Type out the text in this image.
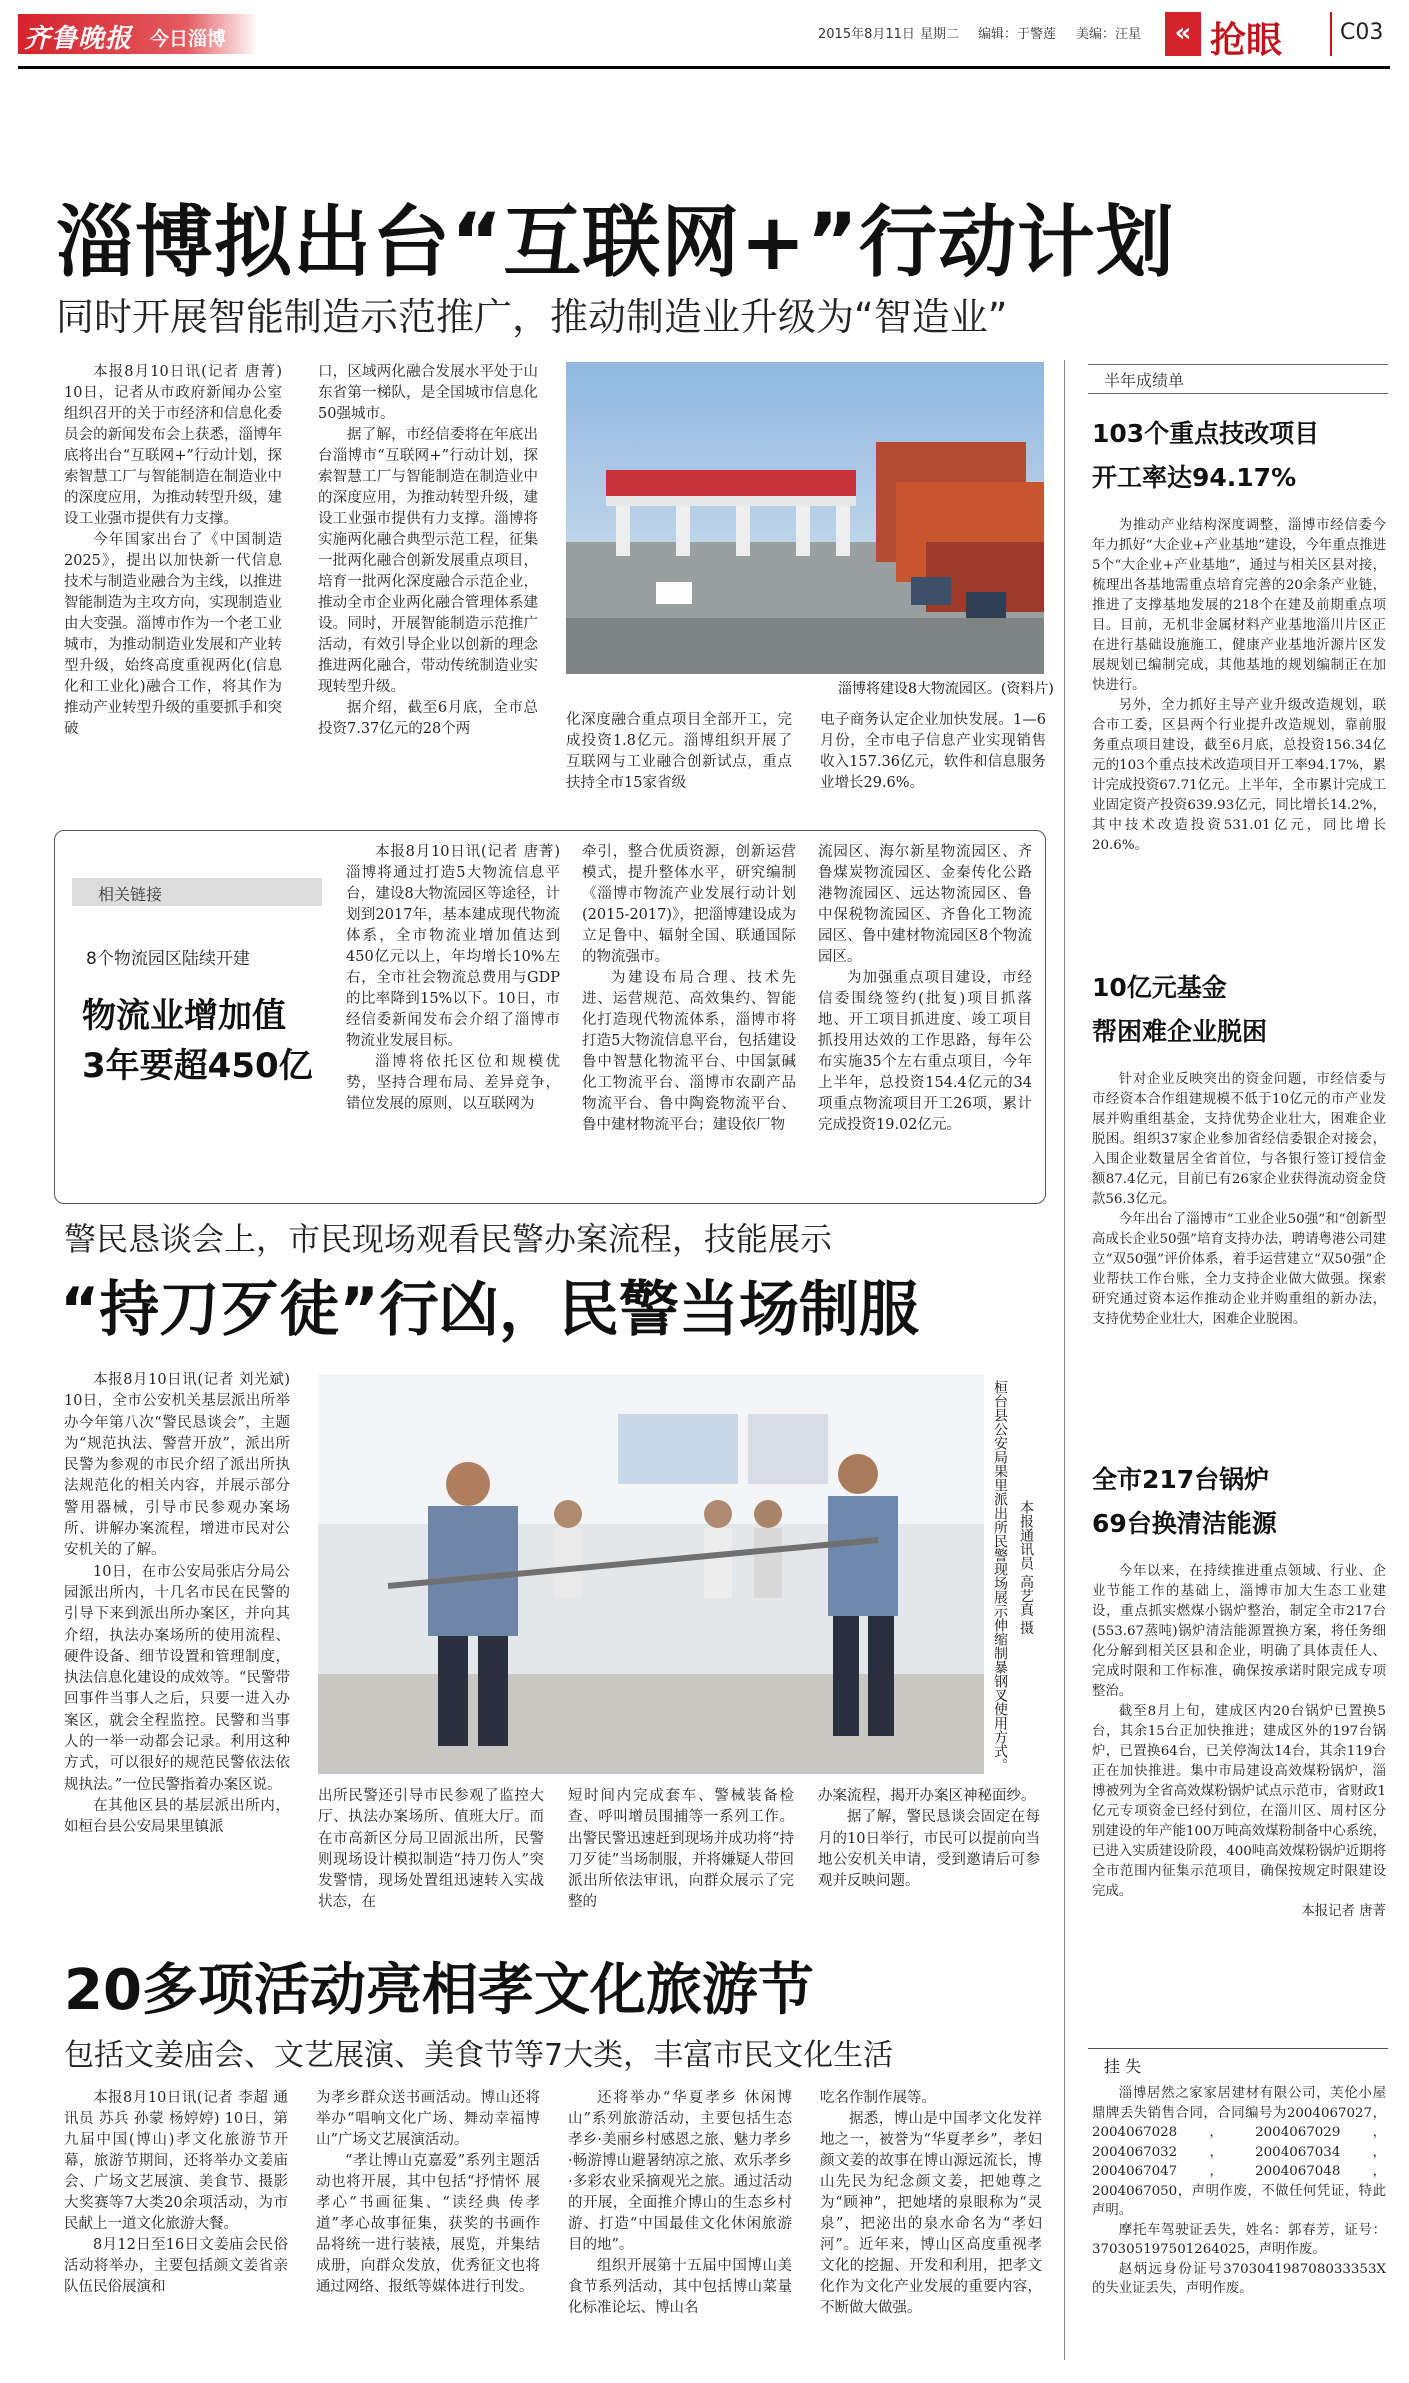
齐鲁晚报 今日淄博	2015年8月11日 星期二 编辑：于警莲 美编：汪星	« 抢眼	C03
淄博拟出台“互联网+”行动计划
同时开展智能制造示范推广，推动制造业升级为“智造业”

本报8月10日讯(记者 唐菁) 10日，记者从市政府新闻办公室组织召开的关于市经济和信息化委员会的新闻发布会上获悉，淄博年底将出台“互联网+”行动计划，探索智慧工厂与智能制造在制造业中的深度应用，为推动转型升级，建设工业强市提供有力支撑。

今年国家出台了《中国制造2025》，提出以加快新一代信息技术与制造业融合为主线，以推进智能制造为主攻方向，实现制造业由大变强。淄博市作为一个老工业城市，为推动制造业发展和产业转型升级，始终高度重视两化(信息化和工业化)融合工作，将其作为推动产业转型升级的重要抓手和突破

口，区域两化融合发展水平处于山东省第一梯队，是全国城市信息化50强城市。

据了解，市经信委将在年底出台淄博市“互联网+”行动计划，探索智慧工厂与智能制造在制造业中的深度应用，为推动转型升级，建设工业强市提供有力支撑。淄博将实施两化融合典型示范工程，征集一批两化融合创新发展重点项目，培育一批两化深度融合示范企业，推动全市企业两化融合管理体系建设。同时，开展智能制造示范推广活动，有效引导企业以创新的理念推进两化融合，带动传统制造业实现转型升级。

据介绍，截至6月底，全市总投资7.37亿元的28个两

淄博将建设8大物流园区。(资料片)

化深度融合重点项目全部开工，完成投资1.8亿元。淄博组织开展了互联网与工业融合创新试点，重点扶持全市15家省级

电子商务认定企业加快发展。1—6月份，全市电子信息产业实现销售收入157.36亿元，软件和信息服务业增长29.6%。

相关链接
8个物流园区陆续开建
物流业增加值
3年要超450亿

本报8月10日讯(记者 唐菁) 淄博将通过打造5大物流信息平台，建设8大物流园区等途径，计划到2017年，基本建成现代物流体系，全市物流业增加值达到450亿元以上，年均增长10%左右，全市社会物流总费用与GDP的比率降到15%以下。10日，市经信委新闻发布会介绍了淄博市物流业发展目标。

淄博将依托区位和规模优势，坚持合理布局、差异竞争，错位发展的原则，以互联网为

牵引，整合优质资源，创新运营模式，提升整体水平，研究编制《淄博市物流产业发展行动计划(2015-2017)》，把淄博建设成为立足鲁中、辐射全国、联通国际的物流强市。

为建设布局合理、技术先进、运营规范、高效集约、智能化打造现代物流体系，淄博市将打造5大物流信息平台，包括建设鲁中智慧化物流平台、中国氯碱化工物流平台、淄博市农副产品物流平台、鲁中陶瓷物流平台、鲁中建材物流平台；建设依厂物

流园区、海尔新星物流园区、齐鲁煤炭物流园区、金秦传化公路港物流园区、远达物流园区、鲁中保税物流园区、齐鲁化工物流园区、鲁中建材物流园区8个物流园区。

为加强重点项目建设，市经信委围绕签约(批复)项目抓落地、开工项目抓进度、竣工项目抓投用达效的工作思路，每年公布实施35个左右重点项目，今年上半年，总投资154.4亿元的34项重点物流项目开工26项，累计完成投资19.02亿元。

警民恳谈会上，市民现场观看民警办案流程，技能展示
“持刀歹徒”行凶，民警当场制服

本报8月10日讯(记者 刘光斌) 10日，全市公安机关基层派出所举办今年第八次“警民恳谈会”，主题为“规范执法、警营开放”，派出所民警为参观的市民介绍了派出所执法规范化的相关内容，并展示部分警用器械，引导市民参观办案场所、讲解办案流程，增进市民对公安机关的了解。

10日，在市公安局张店分局公园派出所内，十几名市民在民警的引导下来到派出所办案区，并向其介绍，执法办案场所的使用流程、硬件设备、细节设置和管理制度，执法信息化建设的成效等。“民警带回事件当事人之后，只要一进入办案区，就会全程监控。民警和当事人的一举一动都会记录。利用这种方式，可以很好的规范民警依法依规执法。”一位民警指着办案区说。

在其他区县的基层派出所内，如桓台县公安局果里镇派

桓台县公安局果里派出所民警现场展示伸缩制暴钢叉使用方式。 本报通讯员 高艺真 摄

出所民警还引导市民参观了监控大厅、执法办案场所、值班大厅。而在市高新区分局卫固派出所，民警则现场设计模拟制造“持刀伤人”突发警情，现场处置组迅速转入实战状态，在

短时间内完成套车、警械装备检查、呼叫增员围捕等一系列工作。出警民警迅速赶到现场并成功将“持刀歹徒”当场制服，并将嫌疑人带回派出所依法审讯，向群众展示了完整的

办案流程，揭开办案区神秘面纱。

据了解，警民恳谈会固定在每月的10日举行，市民可以提前向当地公安机关申请，受到邀请后可参观并反映问题。

20多项活动亮相孝文化旅游节
包括文姜庙会、文艺展演、美食节等7大类，丰富市民文化生活

本报8月10日讯(记者 李超 通讯员 苏兵 孙蒙 杨婷婷) 10日，第九届中国(博山)孝文化旅游节开幕，旅游节期间，还将举办文姜庙会、广场文艺展演、美食节、摄影大奖赛等7大类20余项活动，为市民献上一道文化旅游大餐。

8月12日至16日文姜庙会民俗活动将举办，主要包括颜文姜省亲队伍民俗展演和

为孝乡群众送书画活动。博山还将举办“唱响文化广场、舞动幸福博山”广场文艺展演活动。

“孝让博山克嘉爱”系列主题活动也将开展，其中包括“抒情怀 展孝心”书画征集、“读经典 传孝道”孝心故事征集，获奖的书画作品将统一进行装裱，展览，并集结成册，向群众发放，优秀征文也将通过网络、报纸等媒体进行刊发。

还将举办“华夏孝乡 休闲博山”系列旅游活动，主要包括生态孝乡·美丽乡村感恩之旅、魅力孝乡·畅游博山避暑纳凉之旅、欢乐孝乡·多彩农业采摘观光之旅。通过活动的开展，全面推介博山的生态乡村游、打造“中国最佳文化休闲旅游目的地”。

组织开展第十五届中国博山美食节系列活动，其中包括博山菜量化标准论坛、博山名

吃名作制作展等。

据悉，博山是中国孝文化发祥地之一，被誉为“华夏孝乡”，孝妇颜文姜的故事在博山源远流长，博山先民为纪念颜文姜，把她尊之为“顾神”，把她堵的泉眼称为“灵泉”，把泌出的泉水命名为“孝妇河”。近年来，博山区高度重视孝文化的挖掘、开发和利用，把孝文化作为文化产业发展的重要内容，不断做大做强。

半年成绩单
103个重点技改项目
开工率达94.17%

为推动产业结构深度调整，淄博市经信委今年力抓好“大企业+产业基地”建设，今年重点推进5个“大企业+产业基地”，通过与相关区县对接，梳理出各基地需重点培育完善的20余条产业链，推进了支撑基地发展的218个在建及前期重点项目。目前，无机非金属材料产业基地淄川片区正在进行基础设施施工，健康产业基地沂源片区发展规划已编制完成，其他基地的规划编制正在加快进行。

另外，全力抓好主导产业升级改造规划，联合市工委，区县两个行业提升改造规划，靠前服务重点项目建设，截至6月底，总投资156.34亿元的103个重点技术改造项目开工率94.17%，累计完成投资67.71亿元。上半年，全市累计完成工业固定资产投资639.93亿元，同比增长14.2%，其中技术改造投资531.01亿元，同比增长20.6%。

10亿元基金
帮困难企业脱困

针对企业反映突出的资金问题，市经信委与市经资本合作组建规模不低于10亿元的市产业发展并购重组基金，支持优势企业壮大，困难企业脱困。组织37家企业参加省经信委银企对接会，入围企业数量居全省首位，与各银行签订授信金额87.4亿元，目前已有26家企业获得流动资金贷款56.3亿元。

今年出台了淄博市“工业企业50强”和“创新型高成长企业50强”培育支持办法，聘请粤港公司建立“双50强”评价体系，着手运营建立“双50强”企业帮扶工作台账，全力支持企业做大做强。探索研究通过资本运作推动企业并购重组的新办法，支持优势企业壮大，困难企业脱困。

全市217台锅炉
69台换清洁能源

今年以来，在持续推进重点领域、行业、企业节能工作的基础上，淄博市加大生态工业建设，重点抓实燃煤小锅炉整治，制定全市217台(553.67蒸吨)锅炉清洁能源置换方案，将任务细化分解到相关区县和企业，明确了具体责任人、完成时限和工作标准，确保按承诺时限完成专项整治。

截至8月上旬，建成区内20台锅炉已置换5台，其余15台正加快推进；建成区外的197台锅炉，已置换64台，已关停淘汰14台，其余119台正在加快推进。集中市局建设高效煤粉锅炉，淄博被列为全省高效煤粉锅炉试点示范市，省财政1亿元专项资金已经付到位，在淄川区、周村区分别建设的年产能100万吨高效煤粉制备中心系统，已进入实质建设阶段，400吨高效煤粉锅炉近期将全市范围内征集示范项目，确保按规定时限建设完成。

本报记者 唐菁

挂 失

淄博居然之家家居建材有限公司，芙伦小屋鼎牌丢失销售合同，合同编号为2004067027，2004067028，2004067029，2004067032，2004067034，2004067047，2004067048，2004067050，声明作废，不做任何凭证，特此声明。

摩托车驾驶证丢失，姓名：郭春芳，证号：370305197501264025，声明作废。

赵炳远身份证号370304198708033353X的失业证丢失，声明作废。
